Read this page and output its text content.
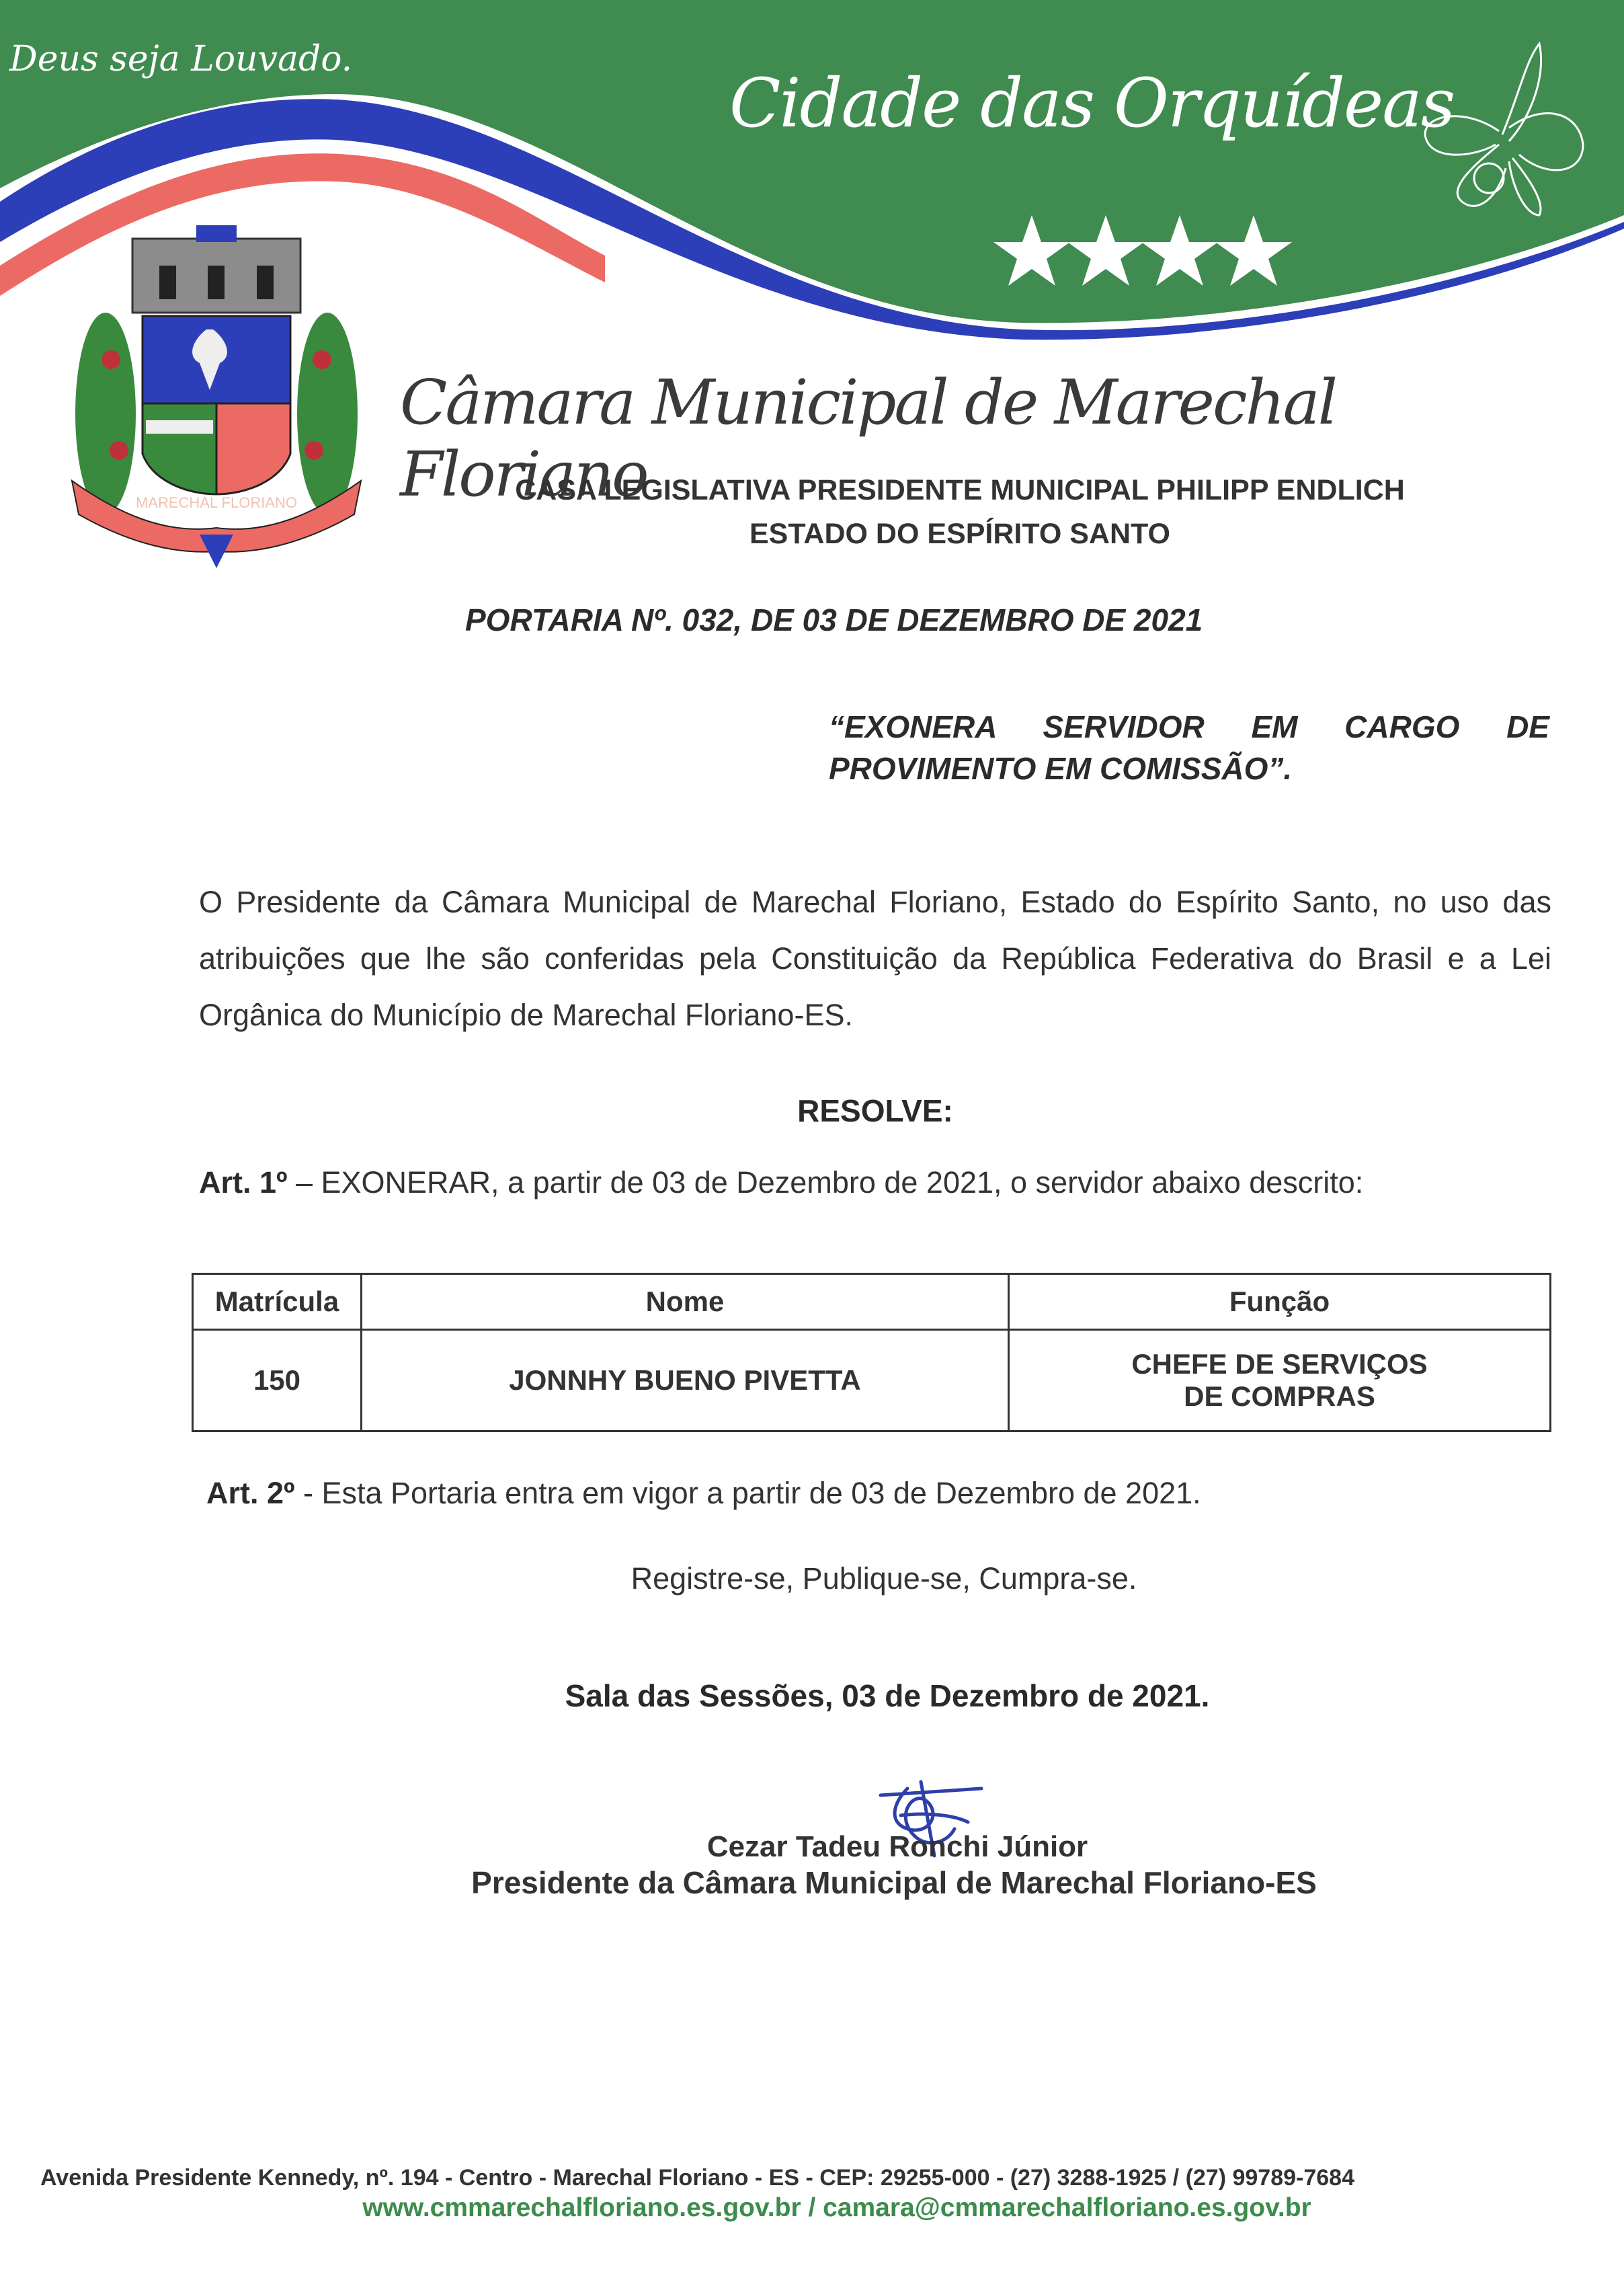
Deus seja Louvado.
Cidade das Orquídeas
MARECHAL FLORIANO
Câmara Municipal de Marechal Floriano
CASA LEGISLATIVA PRESIDENTE MUNICIPAL PHILIPP ENDLICH
ESTADO DO ESPÍRITO SANTO
PORTARIA Nº. 032, DE 03 DE DEZEMBRO DE 2021
“EXONERA SERVIDOR EM CARGO DE PROVIMENTO EM COMISSÃO”.
O Presidente da Câmara Municipal de Marechal Floriano, Estado do Espírito Santo, no uso das atribuições que lhe são conferidas pela Constituição da República Federativa do Brasil e a Lei Orgânica do Município de Marechal Floriano-ES.
RESOLVE:
Art. 1º – EXONERAR, a partir de 03 de Dezembro de 2021, o servidor abaixo descrito:
Matrícula	Nome	Função
150	JONNHY BUENO PIVETTA	CHEFE DE SERVIÇOS DE COMPRAS
Art. 2º - Esta Portaria entra em vigor a partir de 03 de Dezembro de 2021.
Registre-se, Publique-se, Cumpra-se.
Sala das Sessões, 03 de Dezembro de 2021.
Cezar Tadeu Ronchi Júnior
Presidente da Câmara Municipal de Marechal Floriano-ES
Avenida Presidente Kennedy, nº. 194 - Centro - Marechal Floriano - ES - CEP: 29255-000 - (27) 3288-1925 / (27) 99789-7684
www.cmmarechalfloriano.es.gov.br / camara@cmmarechalfloriano.es.gov.br
